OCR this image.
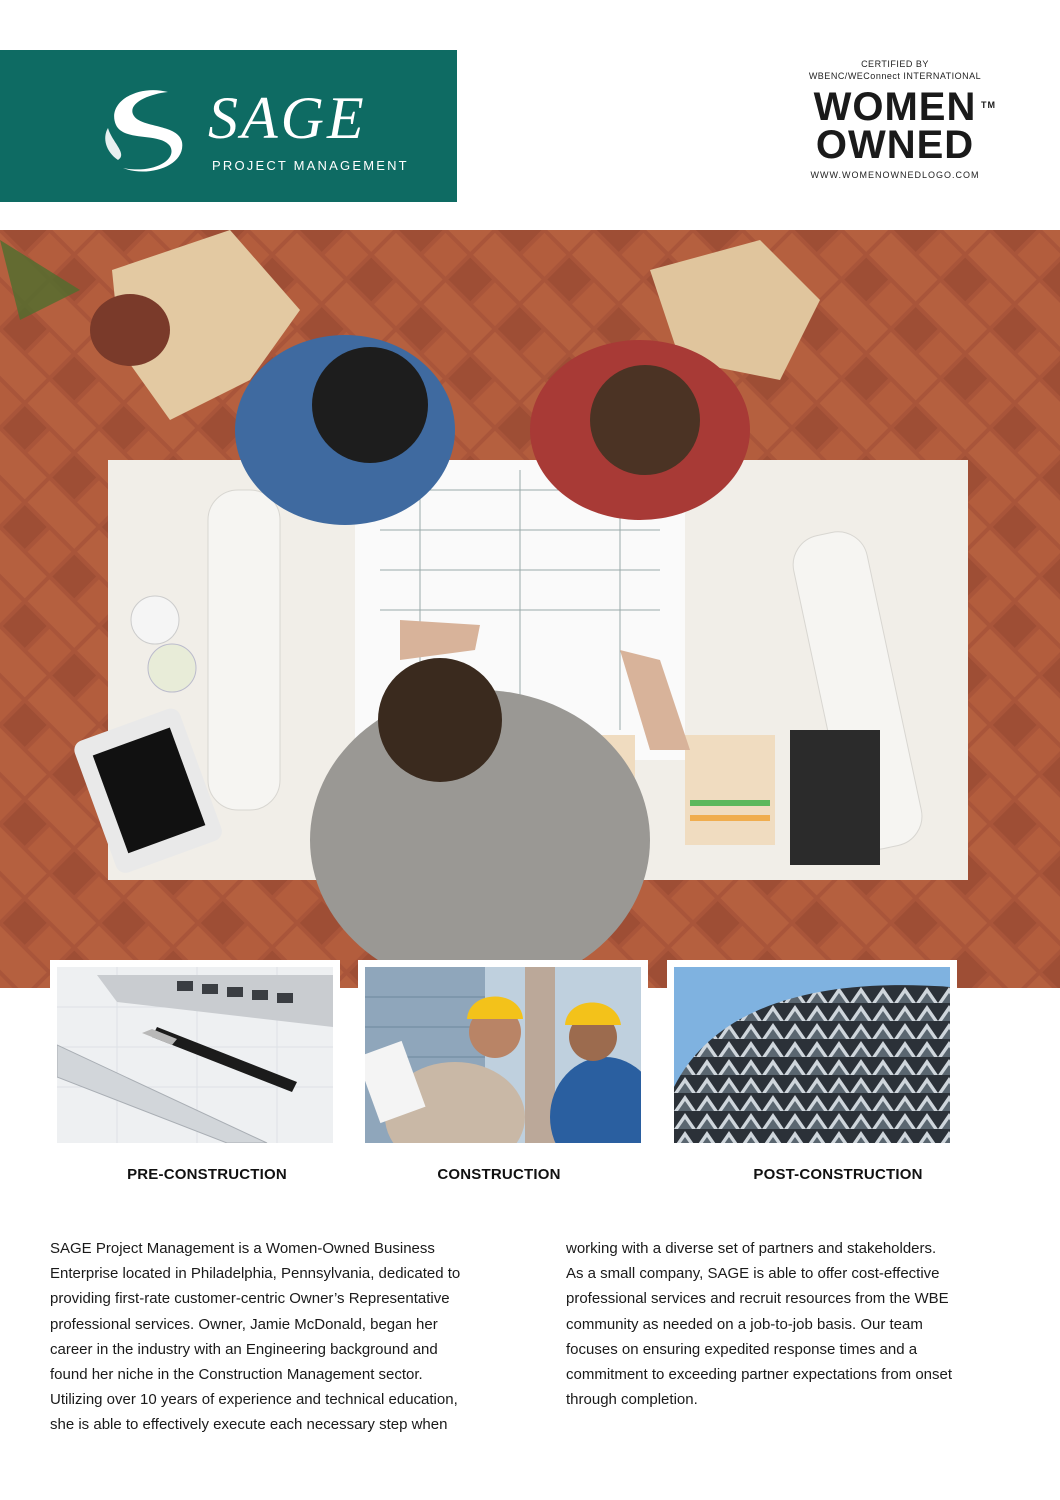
SAGE
PROJECT MANAGEMENT
CERTIFIED BY
WBENC/WEConnect INTERNATIONAL
WOMEN TM
OWNED
WWW.WOMENOWNEDLOGO.COM
PRE-CONSTRUCTION	CONSTRUCTION	POST-CONSTRUCTION
SAGE Project Management is a Women-Owned Business
Enterprise located in Philadelphia, Pennsylvania, dedicated to
providing first-rate customer-centric Owner’s Representative
professional services. Owner, Jamie McDonald, began her
career in the industry with an Engineering background and
found her niche in the Construction Management sector.
Utilizing over 10 years of experience and technical education,
she is able to effectively execute each necessary step when
working with a diverse set of partners and stakeholders.
As a small company, SAGE is able to offer cost-effective
professional services and recruit resources from the WBE
community as needed on a job-to-job basis. Our team
focuses on ensuring expedited response times and a
commitment to exceeding partner expectations from onset
through completion.
